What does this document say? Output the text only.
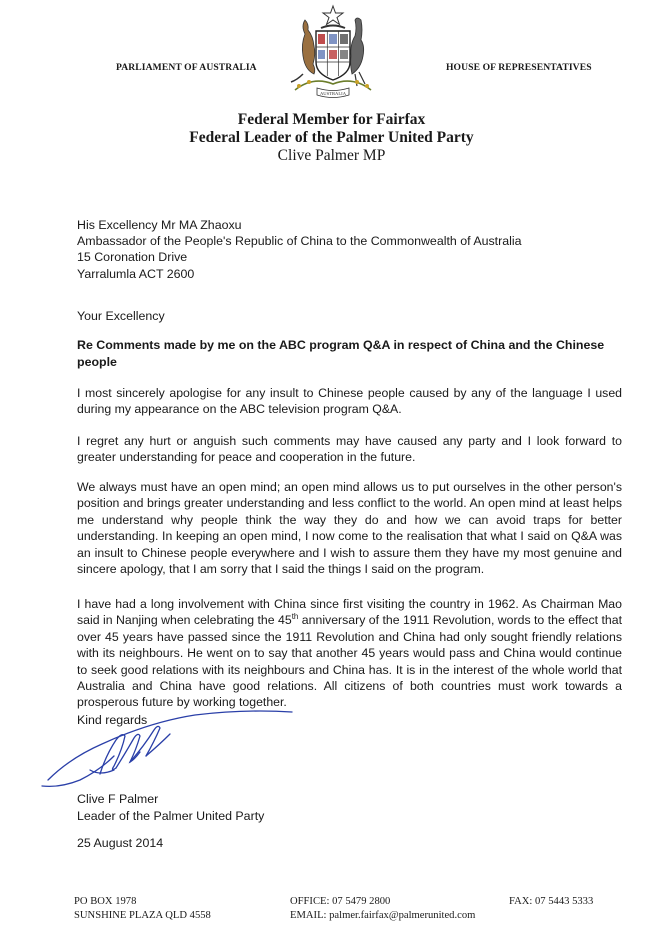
AUSTRALIA
PARLIAMENT OF AUSTRALIA	HOUSE OF REPRESENTATIVES
Federal Member for Fairfax
Federal Leader of the Palmer United Party
Clive Palmer MP
His Excellency Mr MA Zhaoxu
Ambassador of the People's Republic of China to the Commonwealth of Australia
15 Coronation Drive
Yarralumla ACT 2600
Your Excellency
Re Comments made by me on the ABC program Q&A in respect of China and the Chinese people

I most sincerely apologise for any insult to Chinese people caused by any of the language I used during my appearance on the ABC television program Q&A.

I regret any hurt or anguish such comments may have caused any party and I look forward to greater understanding for peace and cooperation in the future.

We always must have an open mind; an open mind allows us to put ourselves in the other person's position and brings greater understanding and less conflict to the world. An open mind at least helps me understand why people think the way they do and how we can avoid traps for better understanding. In keeping an open mind, I now come to the realisation that what I said on Q&A was an insult to Chinese people everywhere and I wish to assure them they have my most genuine and sincere apology, that I am sorry that I said the things I said on the program.

I have had a long involvement with China since first visiting the country in 1962. As Chairman Mao said in Nanjing when celebrating the 45th anniversary of the 1911 Revolution, words to the effect that over 45 years have passed since the 1911 Revolution and China had only sought friendly relations with its neighbours. He went on to say that another 45 years would pass and China would continue to seek good relations with its neighbours and China has. It is in the interest of the whole world that Australia and China have good relations. All citizens of both countries must work towards a prosperous future by working together.

Kind regards
Clive F Palmer
Leader of the Palmer United Party
25 August 2014
PO BOX 1978
SUNSHINE PLAZA QLD 4558
OFFICE: 07 5479 2800
EMAIL: palmer.fairfax@palmerunited.com
FAX: 07 5443 5333
